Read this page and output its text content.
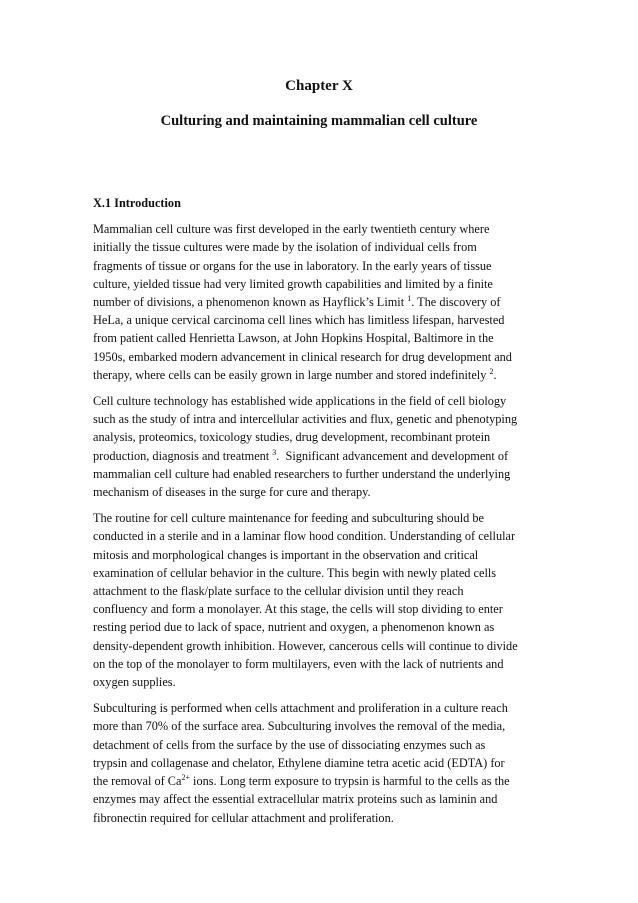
Chapter X
Culturing and maintaining mammalian cell culture
X.1 Introduction
Mammalian cell culture was first developed in the early twentieth century where
initially the tissue cultures were made by the isolation of individual cells from
fragments of tissue or organs for the use in laboratory. In the early years of tissue
culture, yielded tissue had very limited growth capabilities and limited by a finite
number of divisions, a phenomenon known as Hayflick’s Limit $^1$. The discovery of
HeLa, a unique cervical carcinoma cell lines which has limitless lifespan, harvested
from patient called Henrietta Lawson, at John Hopkins Hospital, Baltimore in the
1950s, embarked modern advancement in clinical research for drug development and
therapy, where cells can be easily grown in large number and stored indefinitely $^2$.
Cell culture technology has established wide applications in the field of cell biology
such as the study of intra and intercellular activities and flux, genetic and phenotyping
analysis, proteomics, toxicology studies, drug development, recombinant protein
production, diagnosis and treatment $^3$.  Significant advancement and development of
mammalian cell culture had enabled researchers to further understand the underlying
mechanism of diseases in the surge for cure and therapy.
The routine for cell culture maintenance for feeding and subculturing should be
conducted in a sterile and in a laminar flow hood condition. Understanding of cellular
mitosis and morphological changes is important in the observation and critical
examination of cellular behavior in the culture. This begin with newly plated cells
attachment to the flask/plate surface to the cellular division until they reach
confluency and form a monolayer. At this stage, the cells will stop dividing to enter
resting period due to lack of space, nutrient and oxygen, a phenomenon known as
density-dependent growth inhibition. However, cancerous cells will continue to divide
on the top of the monolayer to form multilayers, even with the lack of nutrients and
oxygen supplies.
Subculturing is performed when cells attachment and proliferation in a culture reach
more than 70% of the surface area. Subculturing involves the removal of the media,
detachment of cells from the surface by the use of dissociating enzymes such as
trypsin and collagenase and chelator, Ethylene diamine tetra acetic acid (EDTA) for
the removal of $Ca^{2+}$ ions. Long term exposure to trypsin is harmful to the cells as the
enzymes may affect the essential extracellular matrix proteins such as laminin and
fibronectin required for cellular attachment and proliferation.
